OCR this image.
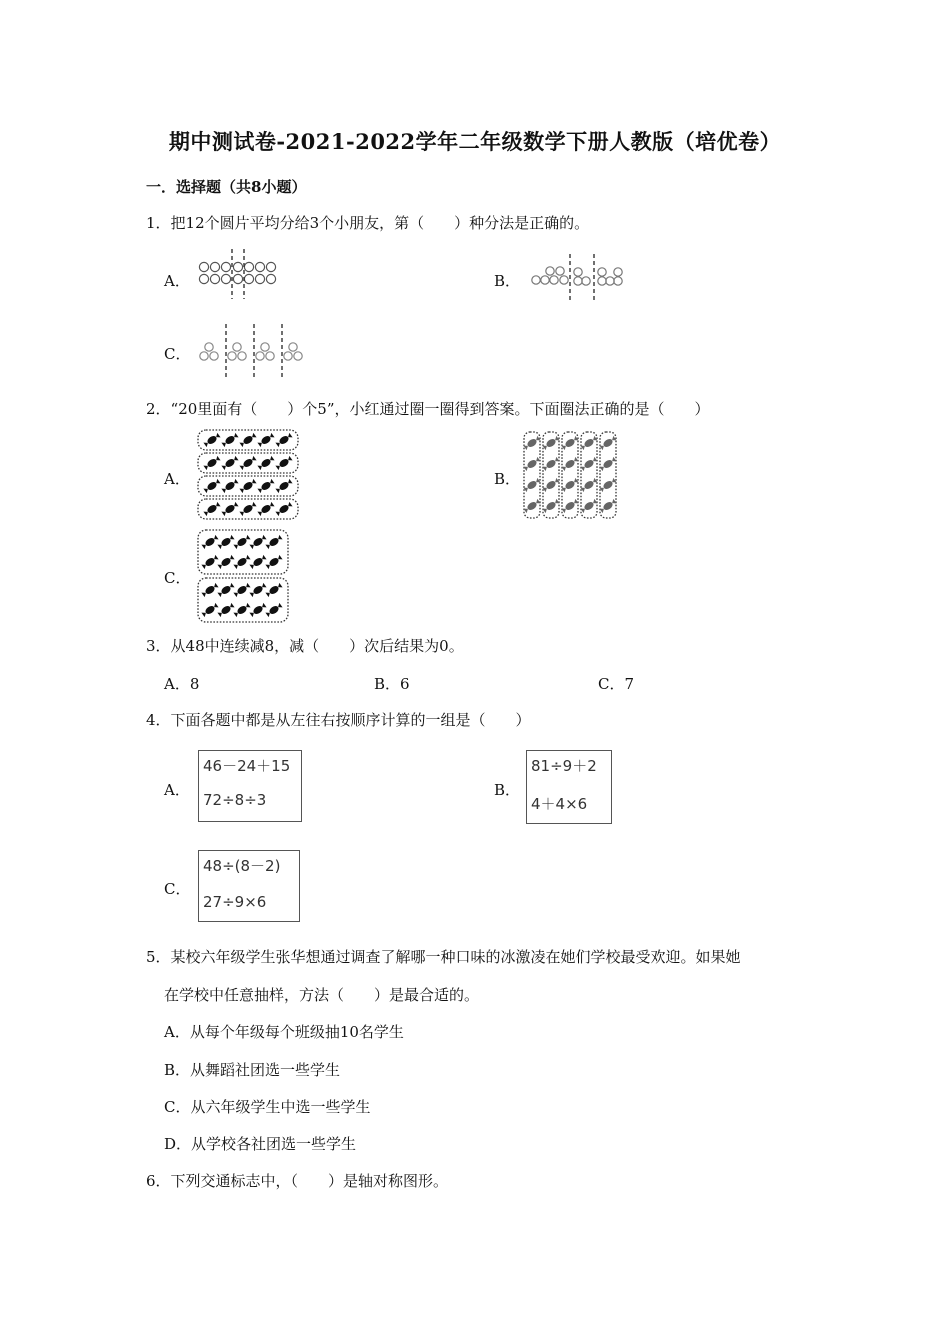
期中测试卷-2021-2022学年二年级数学下册人教版（培优卷）
一．选择题（共8小题）
1．把12个圆片平均分给3个小朋友，第（　　）种分法是正确的。
A．	B．
C．
2．“20里面有（　　）个5”，小红通过圈一圈得到答案。下面圈法正确的是（　　）
A．	B．
C．
3．从48中连续减8，减（　　）次后结果为0。
A．8	B．6	C．7
4．下面各题中都是从左往右按顺序计算的一组是（　　）
A．	B．
C．
46－24＋15
72÷8÷3
81÷9＋2
4＋4×6
48÷(8－2)
27÷9×6
5．某校六年级学生张华想通过调查了解哪一种口味的冰激凌在她们学校最受欢迎。如果她
在学校中任意抽样，方法（　　）是最合适的。
A．从每个年级每个班级抽10名学生
B．从舞蹈社团选一些学生
C．从六年级学生中选一些学生
D．从学校各社团选一些学生
6．下列交通标志中，（　　）是轴对称图形。
